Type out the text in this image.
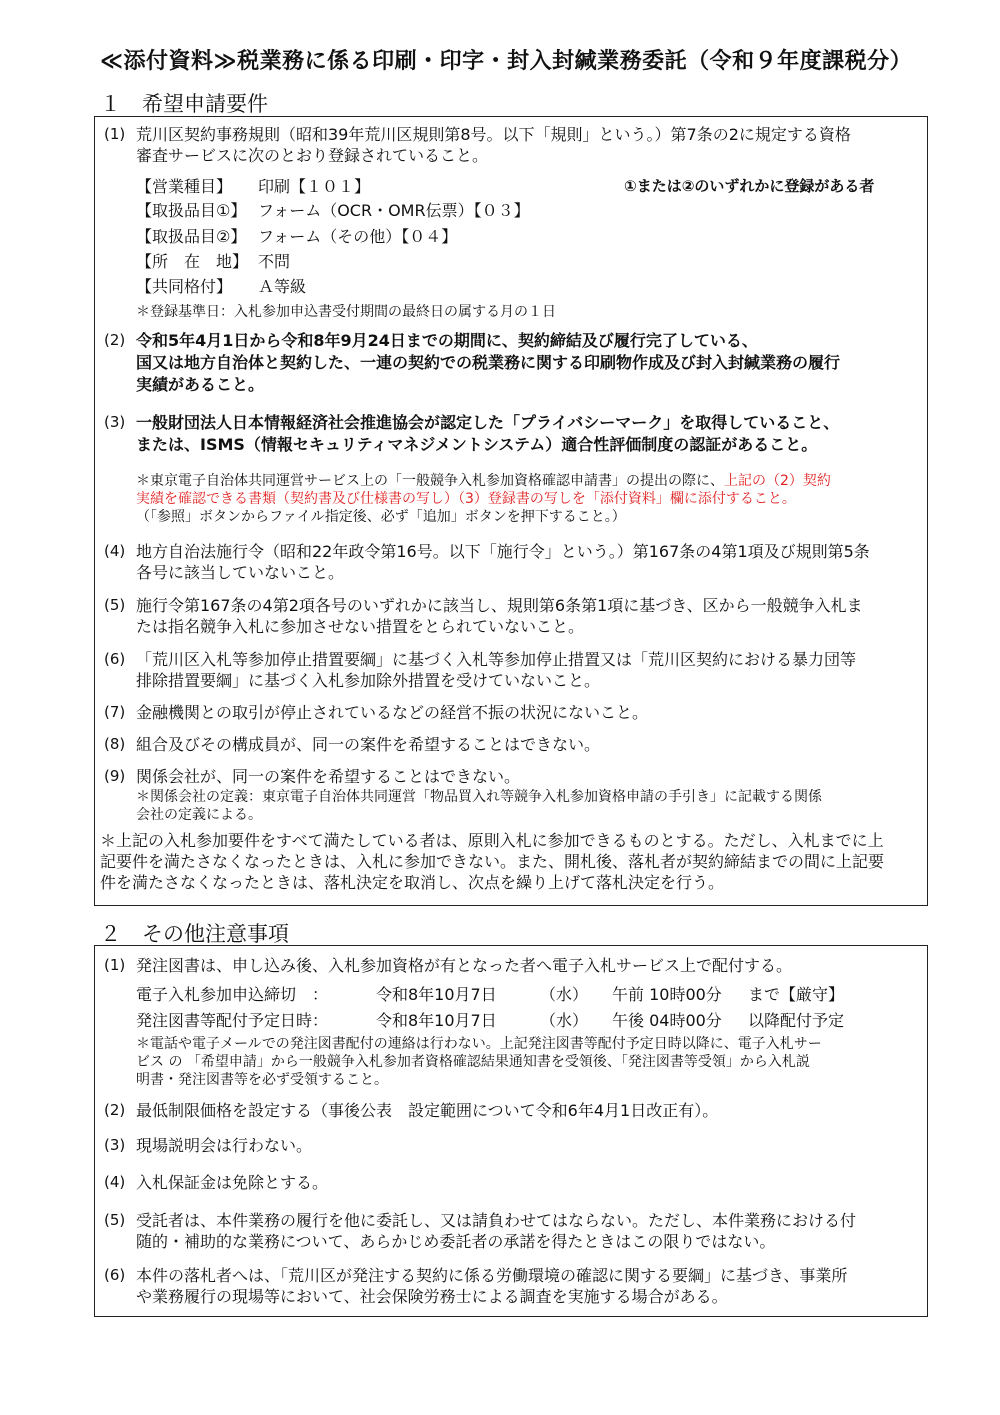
≪添付資料≫税業務に係る印刷・印字・封入封緘業務委託（令和９年度課税分）
１　希望申請要件
(1) 荒川区契約事務規則（昭和39年荒川区規則第8号。以下「規則」という。）第7条の2に規定する資格
審査サービスに次のとおり登録されていること。
【営業種目】 印刷【１０１】	①または②のいずれかに登録がある者
【取扱品目①】 フォーム（OCR・OMR伝票）【０３】
【取扱品目②】 フォーム（その他）【０４】
【所　在　地】 不問
【共同格付】 Ａ等級
＊登録基準日：入札参加申込書受付期間の最終日の属する月の１日
(2) 令和5年4月1日から令和8年9月24日までの期間に、契約締結及び履行完了している、
国又は地方自治体と契約した、一連の契約での税業務に関する印刷物作成及び封入封緘業務の履行
実績があること。
(3) 一般財団法人日本情報経済社会推進協会が認定した「プライバシーマーク」を取得していること、
または、ISMS（情報セキュリティマネジメントシステム）適合性評価制度の認証があること。
＊東京電子自治体共同運営サービス上の「一般競争入札参加資格確認申請書」の提出の際に、上記の（2）契約
実績を確認できる書類（契約書及び仕様書の写し）（3）登録書の写しを「添付資料」欄に添付すること。
（「参照」ボタンからファイル指定後、必ず「追加」ボタンを押下すること。）
(4) 地方自治法施行令（昭和22年政令第16号。以下「施行令」という。）第167条の4第1項及び規則第5条
各号に該当していないこと。
(5) 施行令第167条の4第2項各号のいずれかに該当し、規則第6条第1項に基づき、区から一般競争入札ま
たは指名競争入札に参加させない措置をとられていないこと。
(6) 「荒川区入札等参加停止措置要綱」に基づく入札等参加停止措置又は「荒川区契約における暴力団等
排除措置要綱」に基づく入札参加除外措置を受けていないこと。
(7) 金融機関との取引が停止されているなどの経営不振の状況にないこと。
(8) 組合及びその構成員が、同一の案件を希望することはできない。
(9) 関係会社が、同一の案件を希望することはできない。
＊関係会社の定義：東京電子自治体共同運営「物品買入れ等競争入札参加資格申請の手引き」に記載する関係
会社の定義による。
＊上記の入札参加要件をすべて満たしている者は、原則入札に参加できるものとする。ただし、入札までに上
記要件を満たさなくなったときは、入札に参加できない。また、開札後、落札者が契約締結までの間に上記要
件を満たさなくなったときは、落札決定を取消し、次点を繰り上げて落札決定を行う。
２　その他注意事項
(1) 発注図書は、申し込み後、入札参加資格が有となった者へ電子入札サービス上で配付する。
電子入札参加申込締切　：	令和8年10月7日	（水） 午前 10時00分 まで【厳守】
発注図書等配付予定日時：	令和8年10月7日	（水） 午後 04時00分 以降配付予定
＊電話や電子メールでの発注図書配付の連絡は行わない。上記発注図書等配付予定日時以降に、電子入札サー
ビス の 「希望申請」から一般競争入札参加者資格確認結果通知書を受領後、「発注図書等受領」から入札説
明書・発注図書等を必ず受領すること。
(2) 最低制限価格を設定する（事後公表　設定範囲について令和6年4月1日改正有）。
(3) 現場説明会は行わない。
(4) 入札保証金は免除とする。
(5) 受託者は、本件業務の履行を他に委託し、又は請負わせてはならない。ただし、本件業務における付
随的・補助的な業務について、あらかじめ委託者の承諾を得たときはこの限りではない。
(6) 本件の落札者へは、「荒川区が発注する契約に係る労働環境の確認に関する要綱」に基づき、事業所
や業務履行の現場等において、社会保険労務士による調査を実施する場合がある。
